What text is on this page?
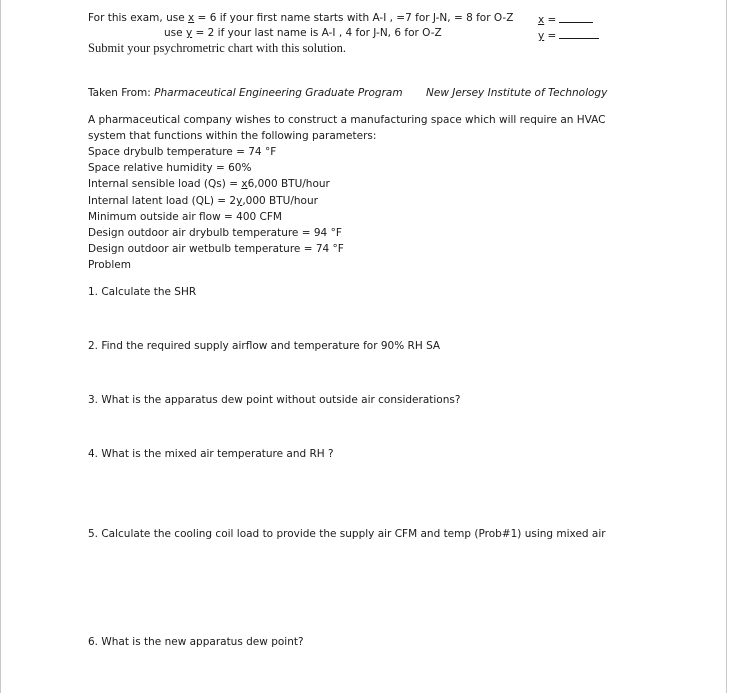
For this exam, use x = 6 if your first name starts with A-I , =7 for J-N, = 8 for O-Z x =
use y = 2 if your last name is A-I , 4 for J-N, 6 for O-Z	y =
Submit your psychrometric chart with this solution.
Taken From: Pharmaceutical Engineering Graduate Program New Jersey Institute of Technology
A pharmaceutical company wishes to construct a manufacturing space which will require an HVAC
system that functions within the following parameters:
Space drybulb temperature = 74 °F
Space relative humidity = 60%
Internal sensible load (Qs) = x6,000 BTU/hour
Internal latent load (QL) = 2y,000 BTU/hour
Minimum outside air flow = 400 CFM
Design outdoor air drybulb temperature = 94 °F
Design outdoor air wetbulb temperature = 74 °F
Problem
1. Calculate the SHR
2. Find the required supply airflow and temperature for 90% RH SA
3. What is the apparatus dew point without outside air considerations?
4. What is the mixed air temperature and RH ?
5. Calculate the cooling coil load to provide the supply air CFM and temp (Prob#1) using mixed air
6. What is the new apparatus dew point?
